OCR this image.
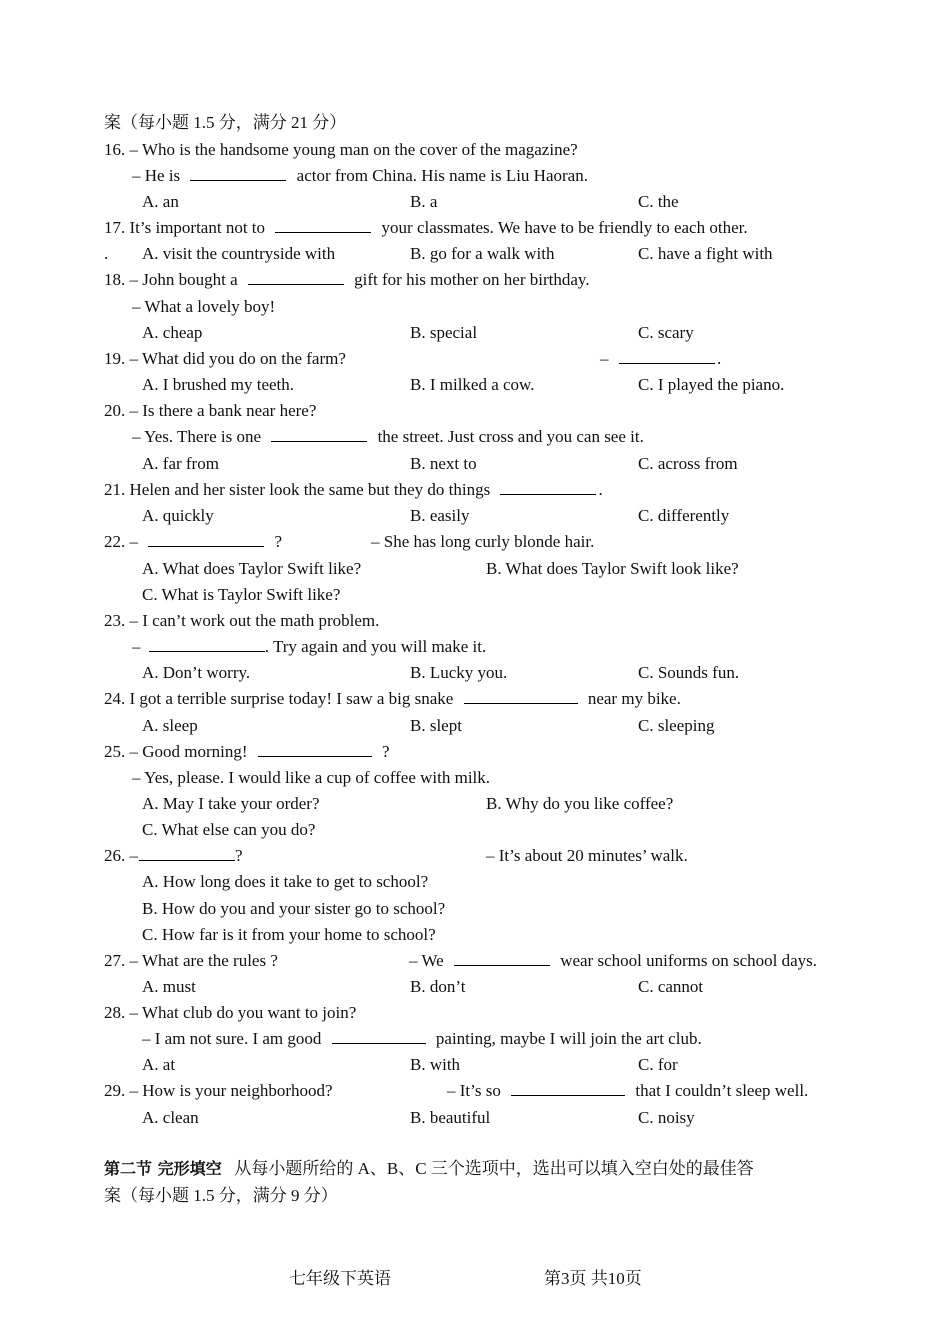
案（每小题 1.5 分，满分 21 分）
16. – Who is the handsome young man on the cover of the magazine?
– He is	actor from China. His name is Liu Haoran.
A. an	B. a	C. the
17. It’s important not to	your classmates. We have to be friendly to each other.
. A. visit the countryside with	B. go for a walk with	C. have a fight with
18. – John bought a	gift for his mother on her birthday.
– What a lovely boy!
A. cheap	B. special	C. scary
19. – What did you do on the farm?	–	.
A. I brushed my teeth.	B. I milked a cow.	C. I played the piano.
20. – Is there a bank near here?
– Yes. There is one	the street. Just cross and you can see it.
A. far from	B. next to	C. across from
21. Helen and her sister look the same but they do things	.
A. quickly	B. easily	C. differently
22. –	?	– She has long curly blonde hair.
A. What does Taylor Swift like?	B. What does Taylor Swift look like?
C. What is Taylor Swift like?
23. – I can’t work out the math problem.
–	. Try again and you will make it.
A. Don’t worry.	B. Lucky you.	C. Sounds fun.
24. I got a terrible surprise today! I saw a big snake	near my bike.
A. sleep	B. slept	C. sleeping
25. – Good morning!	?
– Yes, please. I would like a cup of coffee with milk.
A. May I take your order?	B. Why do you like coffee?
C. What else can you do?
26. –	?	– It’s about 20 minutes’ walk.
A. How long does it take to get to school?
B. How do you and your sister go to school?
C. How far is it from your home to school?
27. – What are the rules ?	– We	wear school uniforms on school days.
A. must	B. don’t	C. cannot
28. – What club do you want to join?
– I am not sure. I am good	painting, maybe I will join the art club.
A. at	B. with	C. for
29. – How is your neighborhood?	– It’s so	that I couldn’t sleep well.
A. clean	B. beautiful	C. noisy
第二节 完形填空 从每小题所给的 A、B、C 三个选项中，选出可以填入空白处的最佳答
案（每小题 1.5 分，满分 9 分）
七年级下英语	第3页 共10页
